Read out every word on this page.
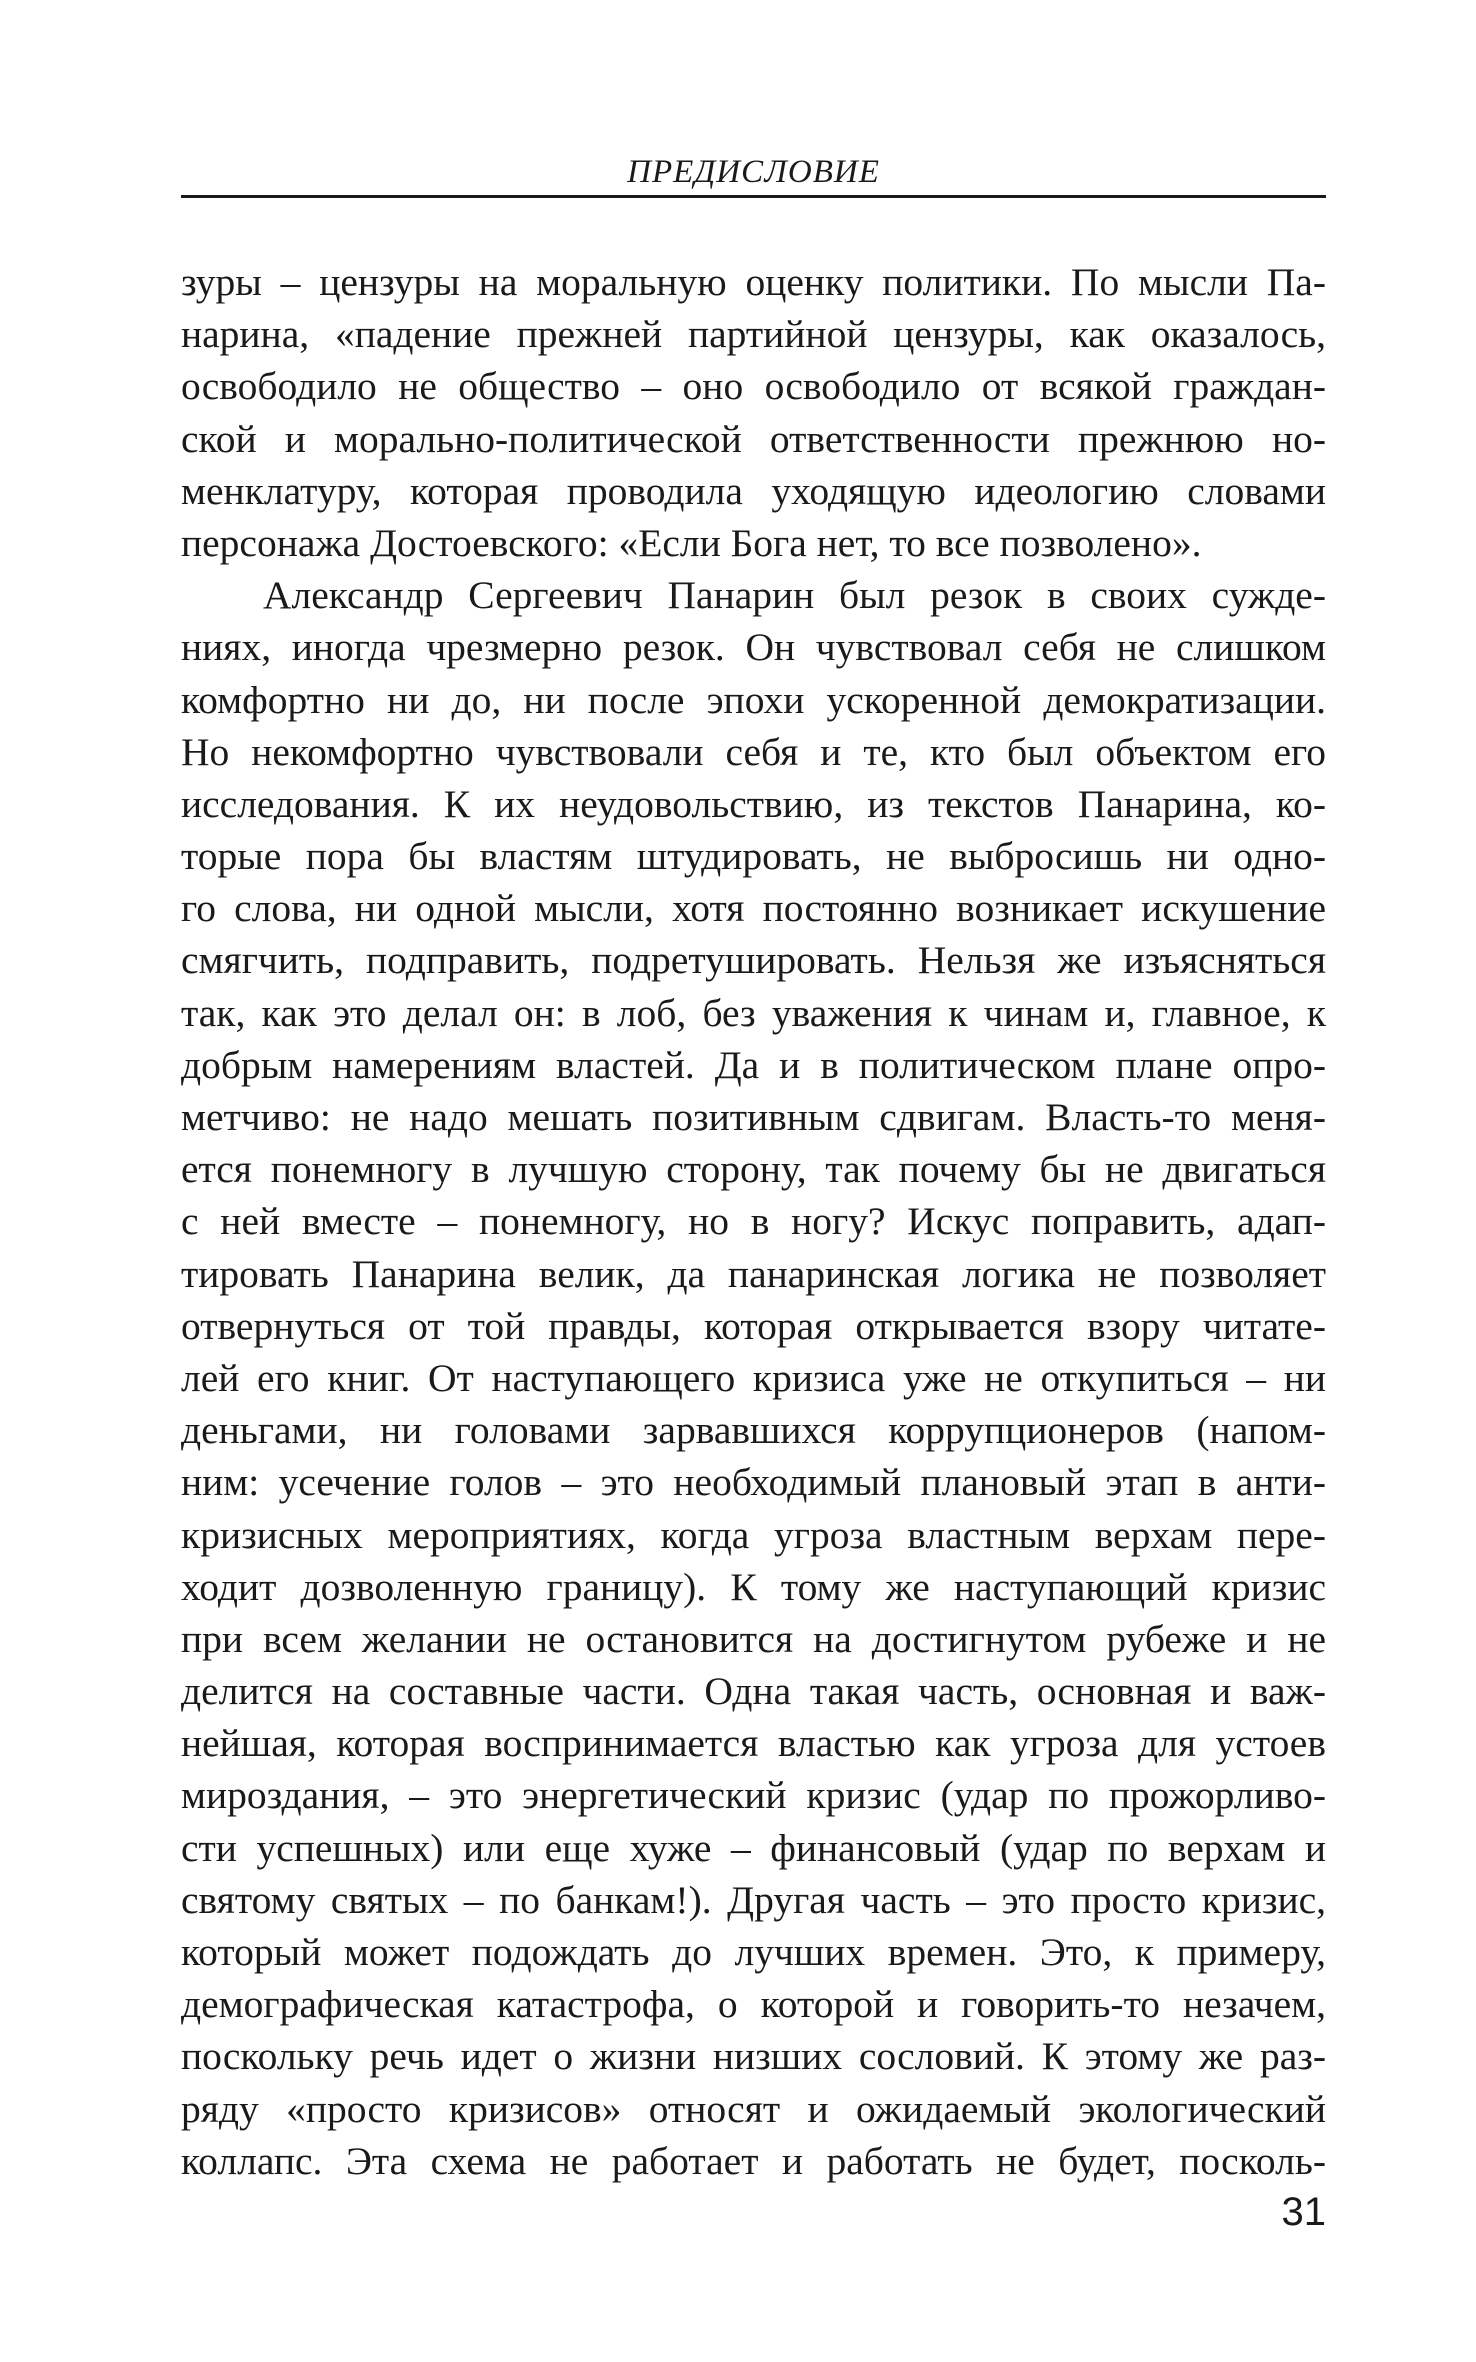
ПРЕДИСЛОВИЕ
зуры – цензуры на моральную оценку политики. По мысли Па-
нарина, «падение прежней партийной цензуры, как оказалось,
освободило не общество – оно освободило от всякой граждан-
ской и морально-политической ответственности прежнюю но-
менклатуру, которая проводила уходящую идеологию словами
персонажа Достоевского: «Если Бога нет, то все позволено».
Александр Сергеевич Панарин был резок в своих сужде-
ниях, иногда чрезмерно резок. Он чувствовал себя не слишком
комфортно ни до, ни после эпохи ускоренной демократизации.
Но некомфортно чувствовали себя и те, кто был объектом его
исследования. К их неудовольствию, из текстов Панарина, ко-
торые пора бы властям штудировать, не выбросишь ни одно-
го слова, ни одной мысли, хотя постоянно возникает искушение
смягчить, подправить, подретушировать. Нельзя же изъясняться
так, как это делал он: в лоб, без уважения к чинам и, главное, к
добрым намерениям властей. Да и в политическом плане опро-
метчиво: не надо мешать позитивным сдвигам. Власть-то меня-
ется понемногу в лучшую сторону, так почему бы не двигаться
с ней вместе – понемногу, но в ногу? Искус поправить, адап-
тировать Панарина велик, да панаринская логика не позволяет
отвернуться от той правды, которая открывается взору читате-
лей его книг. От наступающего кризиса уже не откупиться – ни
деньгами, ни головами зарвавшихся коррупционеров (напом-
ним: усечение голов – это необходимый плановый этап в анти-
кризисных мероприятиях, когда угроза властным верхам пере-
ходит дозволенную границу). К тому же наступающий кризис
при всем желании не остановится на достигнутом рубеже и не
делится на составные части. Одна такая часть, основная и важ-
нейшая, которая воспринимается властью как угроза для устоев
мироздания, – это энергетический кризис (удар по прожорливо-
сти успешных) или еще хуже – финансовый (удар по верхам и
святому святых – по банкам!). Другая часть – это просто кризис,
который может подождать до лучших времен. Это, к примеру,
демографическая катастрофа, о которой и говорить-то незачем,
поскольку речь идет о жизни низших сословий. К этому же раз-
ряду «просто кризисов» относят и ожидаемый экологический
коллапс. Эта схема не работает и работать не будет, посколь-
31
